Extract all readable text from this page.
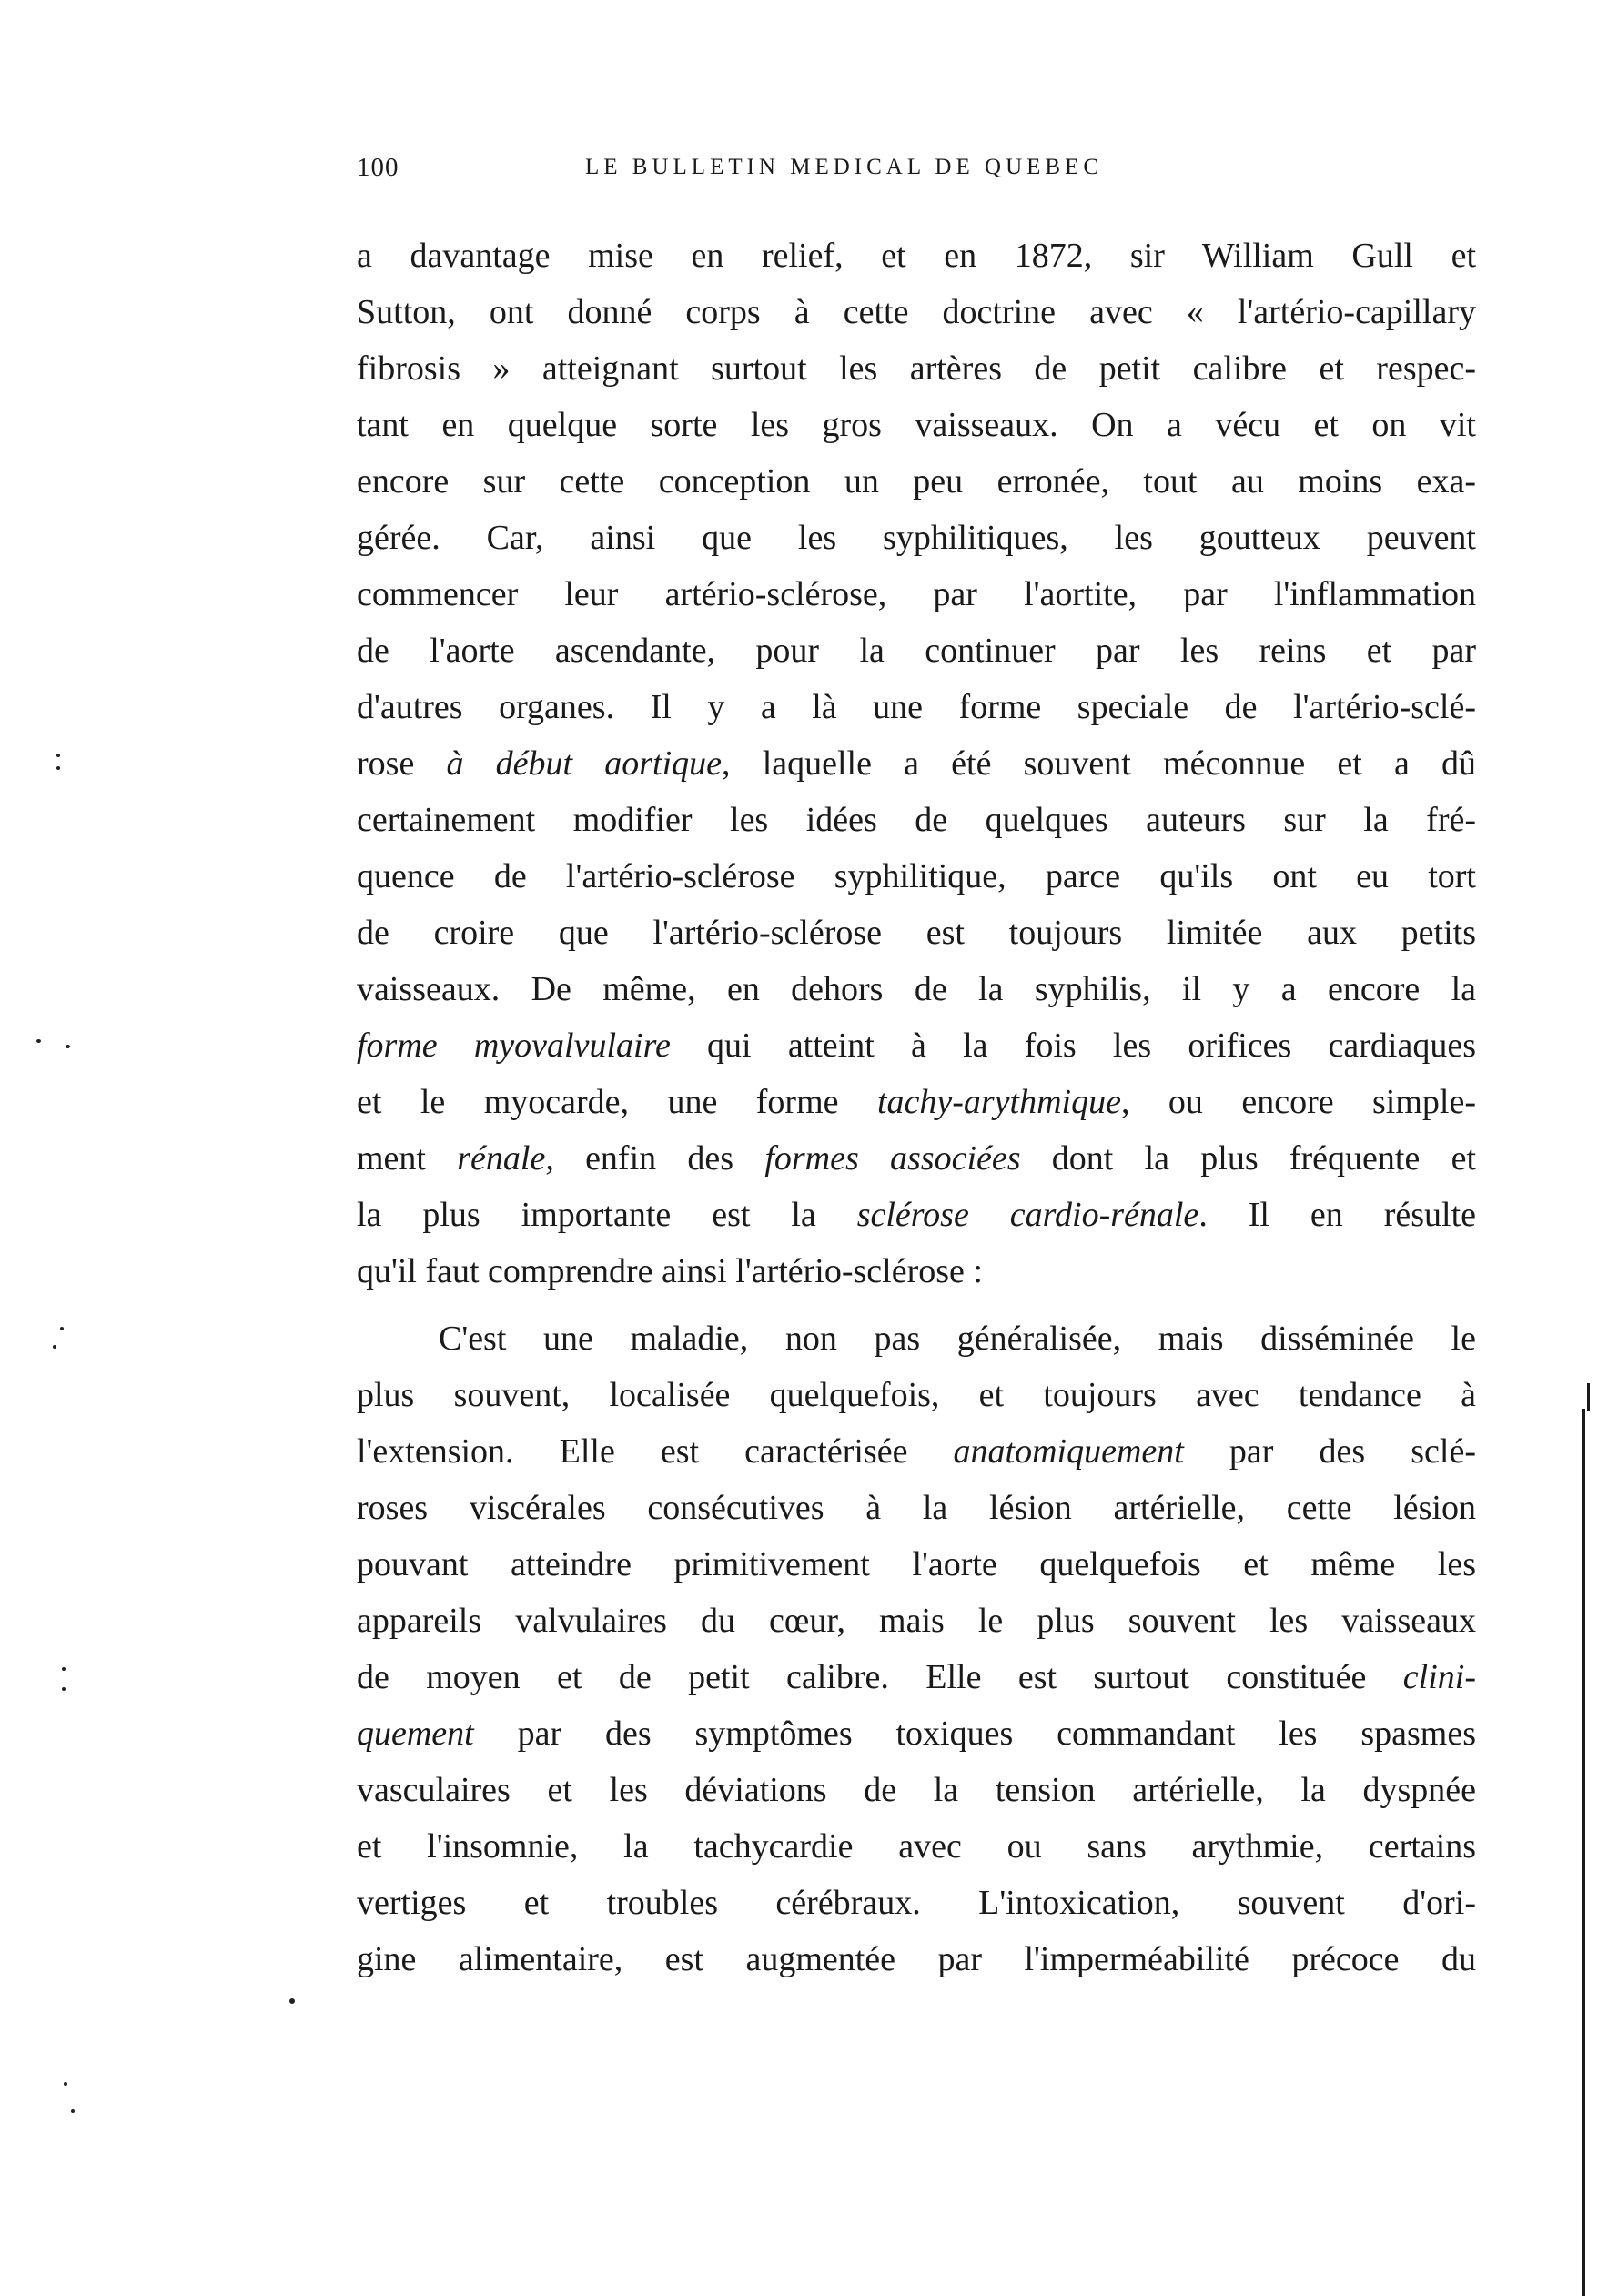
100	LE BULLETIN MEDICAL DE QUEBEC
a davantage mise en relief, et en 1872, sir William Gull et
Sutton, ont donné corps à cette doctrine avec « l'artério-capillary
fibrosis » atteignant surtout les artères de petit calibre et respec-
tant en quelque sorte les gros vaisseaux. On a vécu et on vit
encore sur cette conception un peu erronée, tout au moins exa-
gérée. Car, ainsi que les syphilitiques, les goutteux peuvent
commencer leur artério-sclérose, par l'aortite, par l'inflammation
de l'aorte ascendante, pour la continuer par les reins et par
d'autres organes. Il y a là une forme speciale de l'artério-sclé-
rose à début aortique, laquelle a été souvent méconnue et a dû
certainement modifier les idées de quelques auteurs sur la fré-
quence de l'artério-sclérose syphilitique, parce qu'ils ont eu tort
de croire que l'artério-sclérose est toujours limitée aux petits
vaisseaux. De même, en dehors de la syphilis, il y a encore la
forme myovalvulaire qui atteint à la fois les orifices cardiaques
et le myocarde, une forme tachy-arythmique, ou encore simple-
ment rénale, enfin des formes associées dont la plus fréquente et
la plus importante est la sclérose cardio-rénale. Il en résulte
qu'il faut comprendre ainsi l'artério-sclérose :
C'est une maladie, non pas généralisée, mais disséminée le
plus souvent, localisée quelquefois, et toujours avec tendance à
l'extension. Elle est caractérisée anatomiquement par des sclé-
roses viscérales consécutives à la lésion artérielle, cette lésion
pouvant atteindre primitivement l'aorte quelquefois et même les
appareils valvulaires du cœur, mais le plus souvent les vaisseaux
de moyen et de petit calibre. Elle est surtout constituée clini-
quement par des symptômes toxiques commandant les spasmes
vasculaires et les déviations de la tension artérielle, la dyspnée
et l'insomnie, la tachycardie avec ou sans arythmie, certains
vertiges et troubles cérébraux. L'intoxication, souvent d'ori-
gine alimentaire, est augmentée par l'imperméabilité précoce du
